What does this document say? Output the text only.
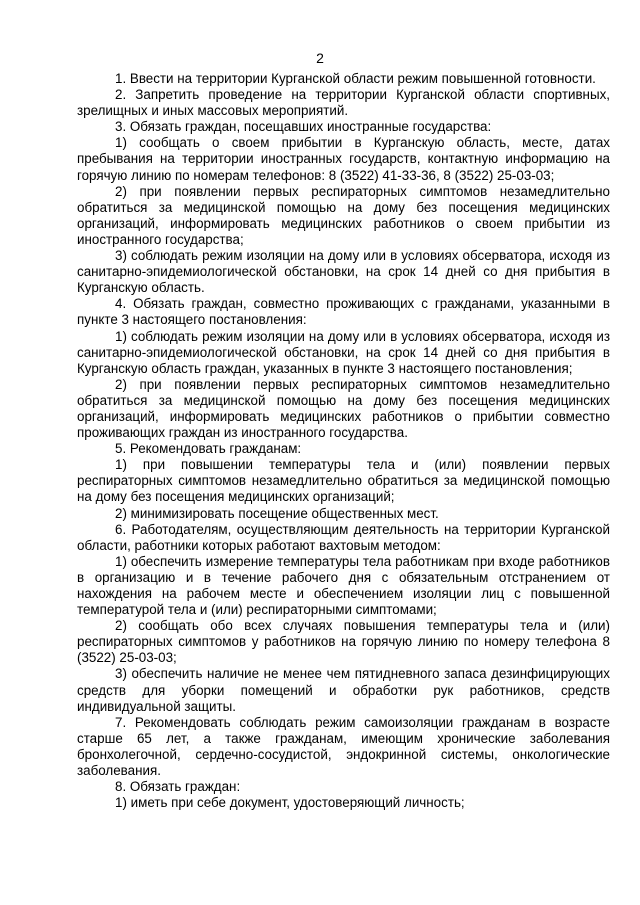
2

1. Ввести на территории Курганской области режим повышенной готовности.

2. Запретить проведение на территории Курганской области спортивных, зрелищных и иных массовых мероприятий.

3. Обязать граждан, посещавших иностранные государства:

1) сообщать о своем прибытии в Курганскую область, месте, датах пребывания на территории иностранных государств, контактную информацию на горячую линию по номерам телефонов: 8 (3522) 41-33-36, 8 (3522) 25-03-03;

2) при появлении первых респираторных симптомов незамедлительно обратиться за медицинской помощью на дому без посещения медицинских организаций, информировать медицинских работников о своем прибытии из иностранного государства;

3) соблюдать режим изоляции на дому или в условиях обсерватора, исходя из санитарно-эпидемиологической обстановки, на срок 14 дней со дня прибытия в Курганскую область.

4. Обязать граждан, совместно проживающих с гражданами, указанными в пункте 3 настоящего постановления:

1) соблюдать режим изоляции на дому или в условиях обсерватора, исходя из санитарно-эпидемиологической обстановки, на срок 14 дней со дня прибытия в Курганскую область граждан, указанных в пункте 3 настоящего постановления;

2) при появлении первых респираторных симптомов незамедлительно обратиться за медицинской помощью на дому без посещения медицинских организаций, информировать медицинских работников о прибытии совместно проживающих граждан из иностранного государства.

5. Рекомендовать гражданам:

1) при повышении температуры тела и (или) появлении первых респираторных симптомов незамедлительно обратиться за медицинской помощью на дому без посещения медицинских организаций;

2) минимизировать посещение общественных мест.

6. Работодателям, осуществляющим деятельность на территории Курганской области, работники которых работают вахтовым методом:

1) обеспечить измерение температуры тела работникам при входе работников в организацию и в течение рабочего дня с обязательным отстранением от нахождения на рабочем месте и обеспечением изоляции лиц с повышенной температурой тела и (или) респираторными симптомами;

2) сообщать обо всех случаях повышения температуры тела и (или) респираторных симптомов у работников на горячую линию по номеру телефона 8 (3522) 25-03-03;

3) обеспечить наличие не менее чем пятидневного запаса дезинфицирующих средств для уборки помещений и обработки рук работников, средств индивидуальной защиты.

7. Рекомендовать соблюдать режим самоизоляции гражданам в возрасте старше 65 лет, а также гражданам, имеющим хронические заболевания бронхолегочной, сердечно-сосудистой, эндокринной системы, онкологические заболевания.

8. Обязать граждан:

1) иметь при себе документ, удостоверяющий личность;
